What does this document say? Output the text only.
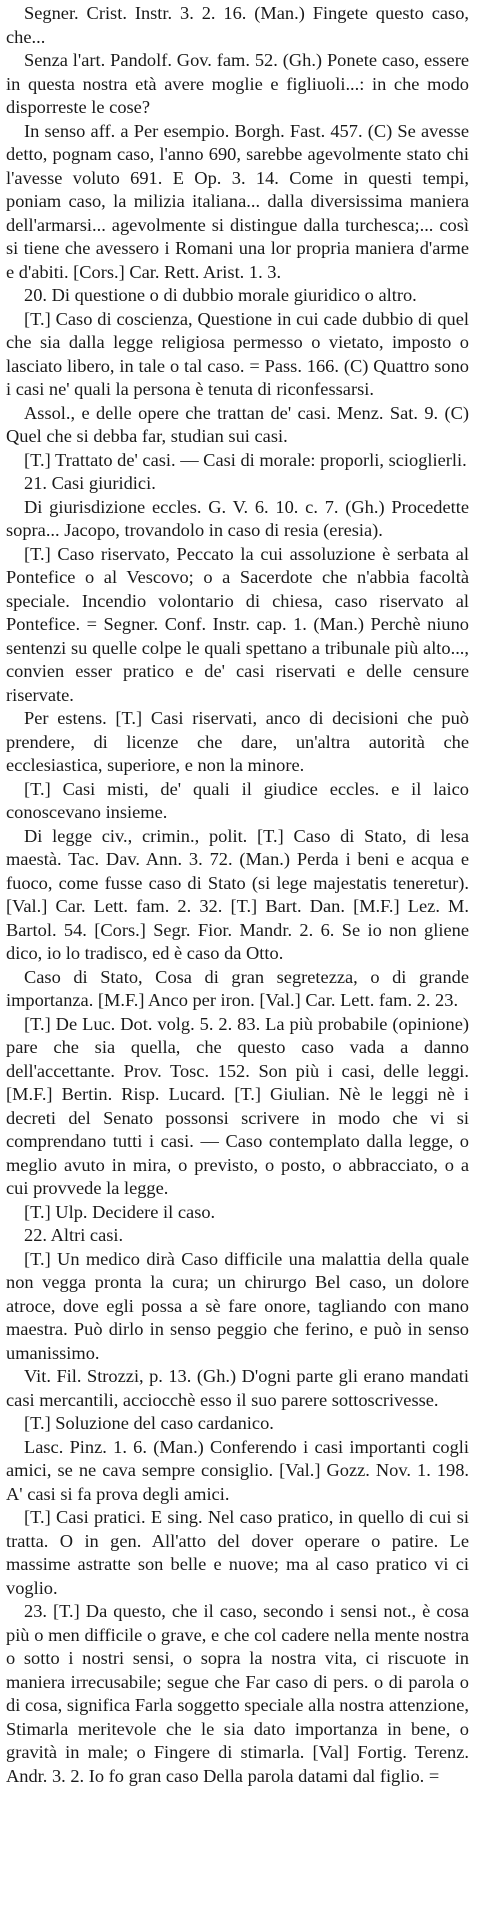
Segner. Crist. Instr. 3. 2. 16. (Man.) Fingete questo caso, che...

Senza l'art. Pandolf. Gov. fam. 52. (Gh.) Ponete caso, essere in questa nostra età avere moglie e figliuoli...: in che modo disporreste le cose?

In senso aff. a Per esempio. Borgh. Fast. 457. (C) Se avesse detto, pognam caso, l'anno 690, sarebbe agevolmente stato chi l'avesse voluto 691. E Op. 3. 14. Come in questi tempi, poniam caso, la milizia italiana... dalla diversissima maniera dell'armarsi... agevolmente si distingue dalla turchesca;... così si tiene che avessero i Romani una lor propria maniera d'arme e d'abiti. [Cors.] Car. Rett. Arist. 1. 3.

20. Di questione o di dubbio morale giuridico o altro.

[T.] Caso di coscienza, Questione in cui cade dubbio di quel che sia dalla legge religiosa permesso o vietato, imposto o lasciato libero, in tale o tal caso. = Pass. 166. (C) Quattro sono i casi ne' quali la persona è tenuta di riconfessarsi.

Assol., e delle opere che trattan de' casi. Menz. Sat. 9. (C) Quel che si debba far, studian sui casi.

[T.] Trattato de' casi. — Casi di morale: proporli, scioglierli.

21. Casi giuridici.

Di giurisdizione eccles. G. V. 6. 10. c. 7. (Gh.) Procedette sopra... Jacopo, trovandolo in caso di resia (eresia).

[T.] Caso riservato, Peccato la cui assoluzione è serbata al Pontefice o al Vescovo; o a Sacerdote che n'abbia facoltà speciale. Incendio volontario di chiesa, caso riservato al Pontefice. = Segner. Conf. Instr. cap. 1. (Man.) Perchè niuno sentenzi su quelle colpe le quali spettano a tribunale più alto..., convien esser pratico e de' casi riservati e delle censure riservate.

Per estens. [T.] Casi riservati, anco di decisioni che può prendere, di licenze che dare, un'altra autorità che ecclesiastica, superiore, e non la minore.

[T.] Casi misti, de' quali il giudice eccles. e il laico conoscevano insieme.

Di legge civ., crimin., polit. [T.] Caso di Stato, di lesa maestà. Tac. Dav. Ann. 3. 72. (Man.) Perda i beni e acqua e fuoco, come fusse caso di Stato (si lege majestatis teneretur). [Val.] Car. Lett. fam. 2. 32. [T.] Bart. Dan. [M.F.] Lez. M. Bartol. 54. [Cors.] Segr. Fior. Mandr. 2. 6. Se io non gliene dico, io lo tradisco, ed è caso da Otto.

Caso di Stato, Cosa di gran segretezza, o di grande importanza. [M.F.] Anco per iron. [Val.] Car. Lett. fam. 2. 23.

[T.] De Luc. Dot. volg. 5. 2. 83. La più probabile (opinione) pare che sia quella, che questo caso vada a danno dell'accettante. Prov. Tosc. 152. Son più i casi, delle leggi. [M.F.] Bertin. Risp. Lucard. [T.] Giulian. Nè le leggi nè i decreti del Senato possonsi scrivere in modo che vi si comprendano tutti i casi. — Caso contemplato dalla legge, o meglio avuto in mira, o previsto, o posto, o abbracciato, o a cui provvede la legge.

[T.] Ulp. Decidere il caso.

22. Altri casi.

[T.] Un medico dirà Caso difficile una malattia della quale non vegga pronta la cura; un chirurgo Bel caso, un dolore atroce, dove egli possa a sè fare onore, tagliando con mano maestra. Può dirlo in senso peggio che ferino, e può in senso umanissimo.

Vit. Fil. Strozzi, p. 13. (Gh.) D'ogni parte gli erano mandati casi mercantili, acciocchè esso il suo parere sottoscrivesse.

[T.] Soluzione del caso cardanico.

Lasc. Pinz. 1. 6. (Man.) Conferendo i casi importanti cogli amici, se ne cava sempre consiglio. [Val.] Gozz. Nov. 1. 198. A' casi si fa prova degli amici.

[T.] Casi pratici. E sing. Nel caso pratico, in quello di cui si tratta. O in gen. All'atto del dover operare o patire. Le massime astratte son belle e nuove; ma al caso pratico vi ci voglio.

23. [T.] Da questo, che il caso, secondo i sensi not., è cosa più o men difficile o grave, e che col cadere nella mente nostra o sotto i nostri sensi, o sopra la nostra vita, ci riscuote in maniera irrecusabile; segue che Far caso di pers. o di parola o di cosa, significa Farla soggetto speciale alla nostra attenzione, Stimarla meritevole che le sia dato importanza in bene, o gravità in male; o Fingere di stimarla. [Val] Fortig. Terenz. Andr. 3. 2. Io fo gran caso Della parola datami dal figlio. =
